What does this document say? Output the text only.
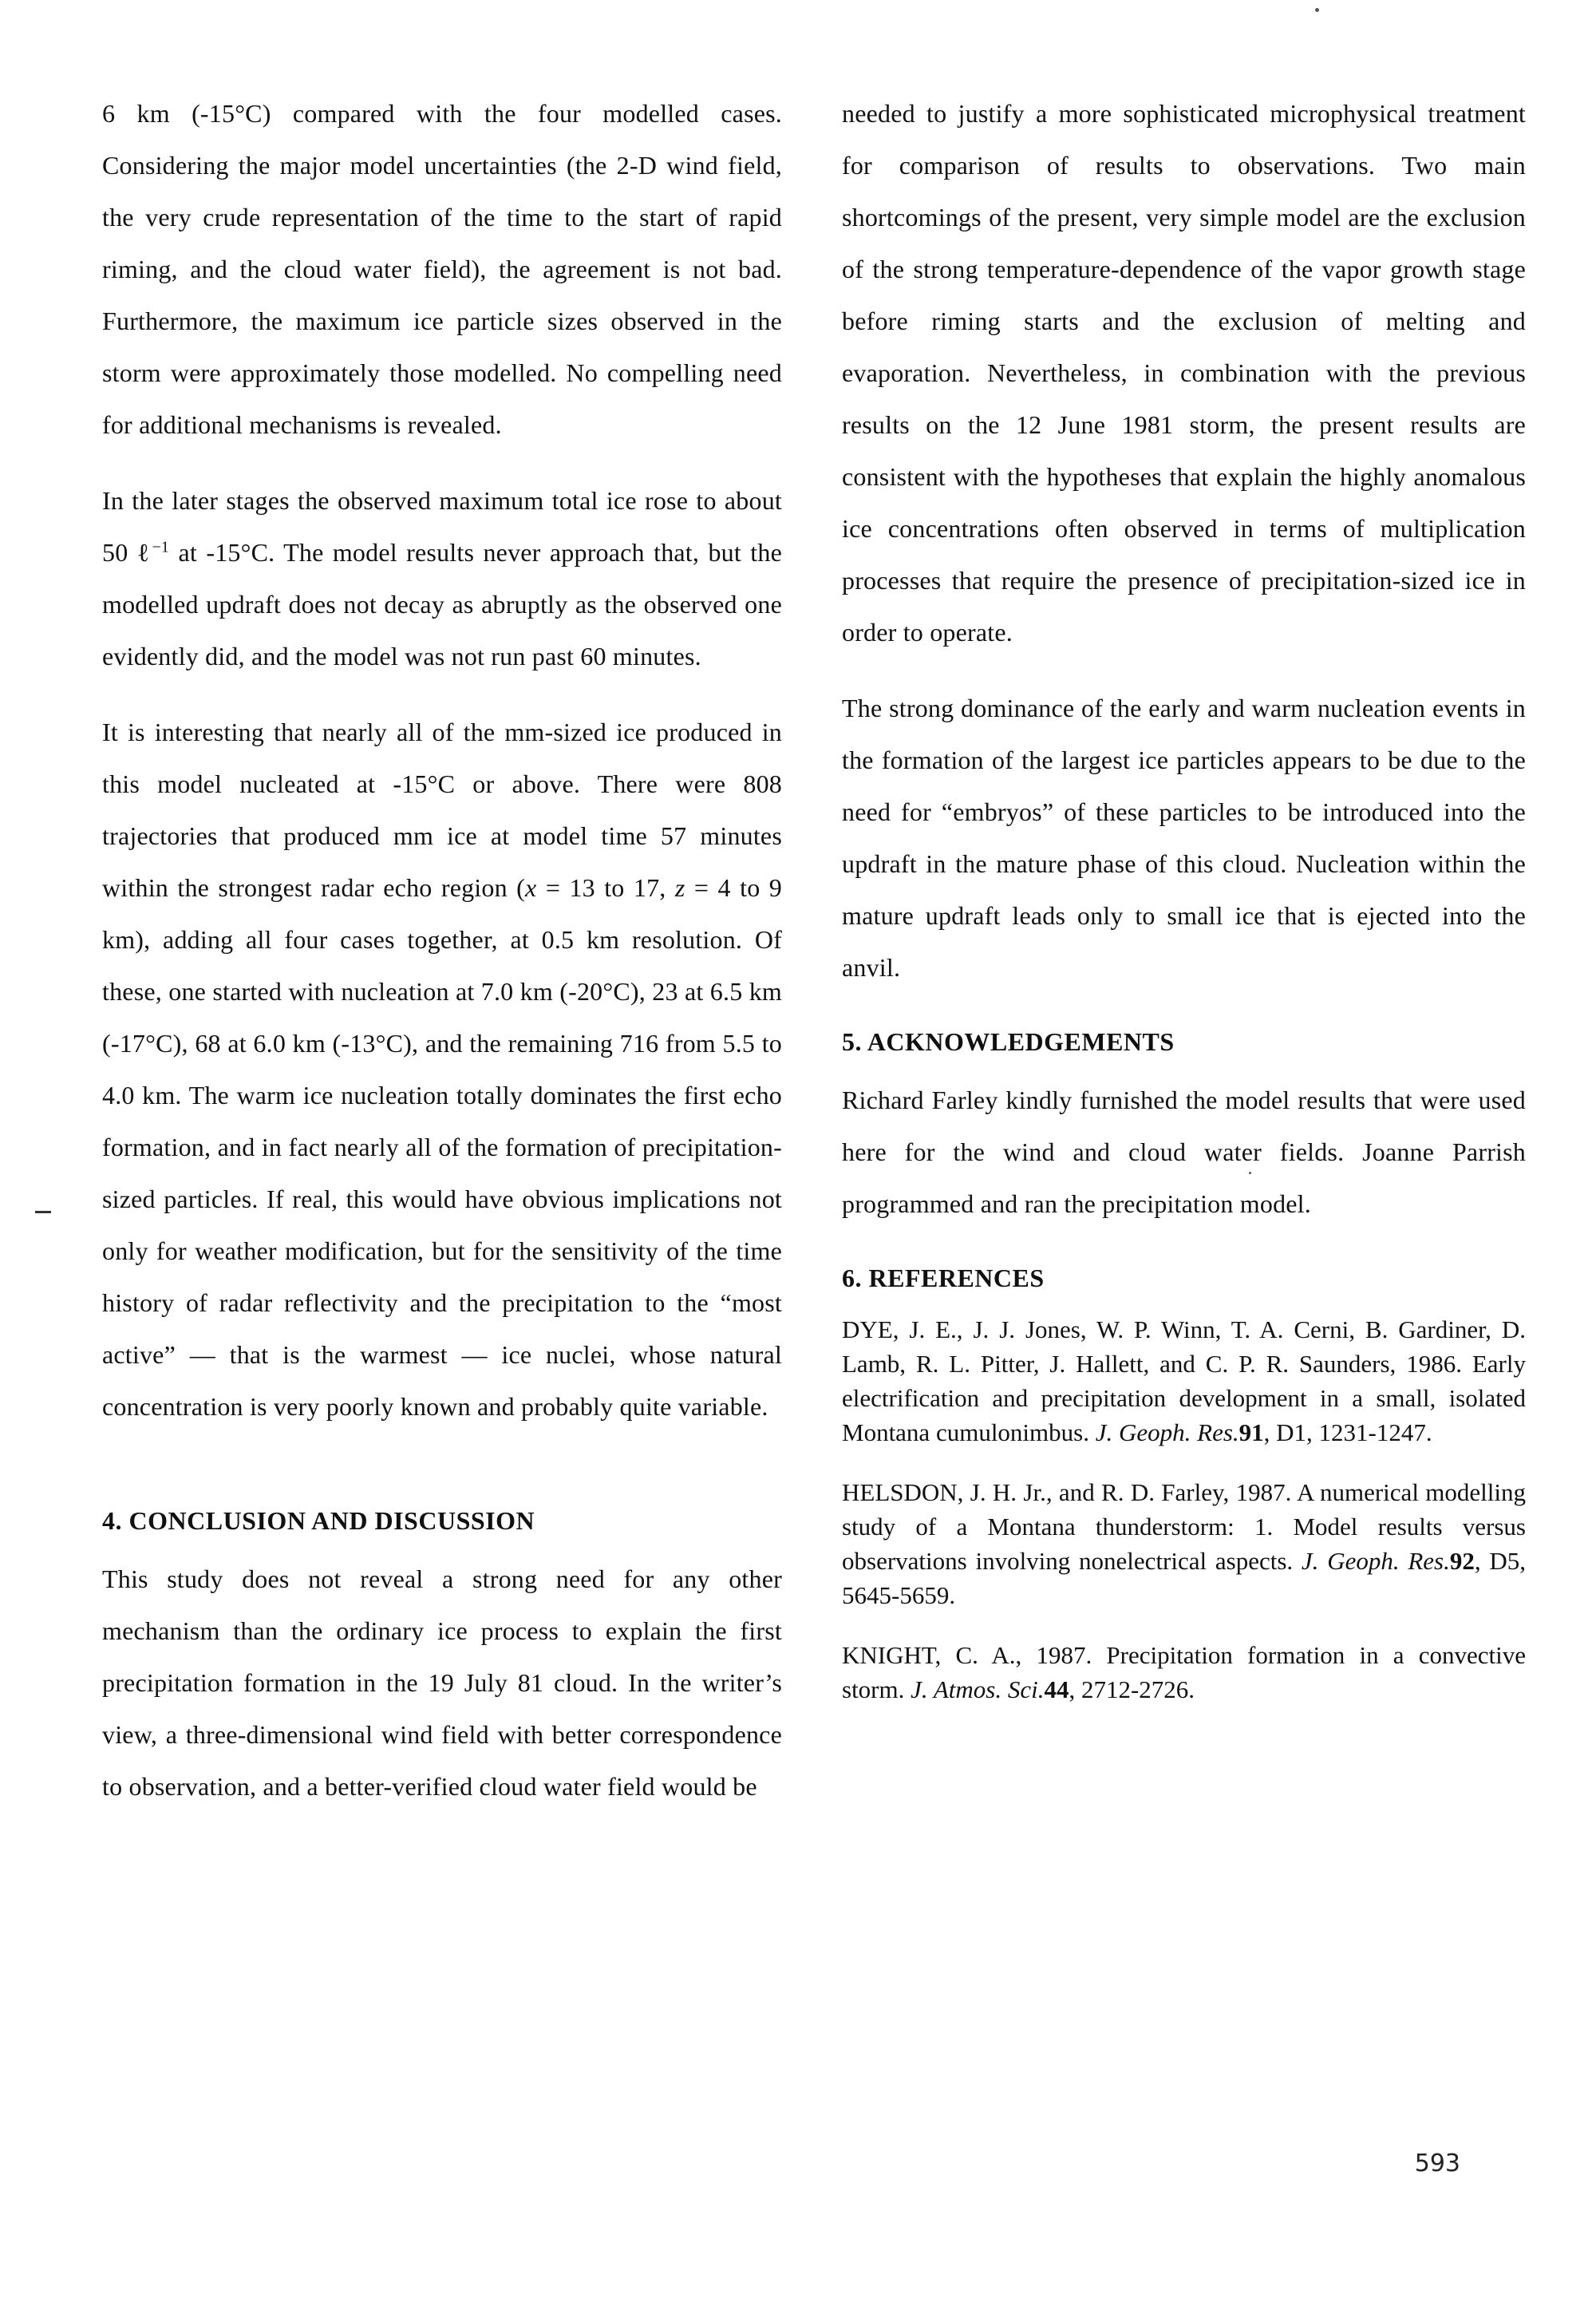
6 km (-15°C) compared with the four modelled cases. Considering the major model uncertainties (the 2-D wind field, the very crude representation of the time to the start of rapid riming, and the cloud water field), the agreement is not bad. Furthermore, the maximum ice particle sizes observed in the storm were approximately those modelled. No compelling need for additional mechanisms is revealed.

In the later stages the observed maximum total ice rose to about 50 ℓ$^{-1}$ at -15°C. The model results never approach that, but the modelled updraft does not decay as abruptly as the observed one evidently did, and the model was not run past 60 minutes.

It is interesting that nearly all of the mm-sized ice produced in this model nucleated at -15°C or above. There were 808 trajectories that produced mm ice at model time 57 minutes within the strongest radar echo region (x = 13 to 17, z = 4 to 9 km), adding all four cases together, at 0.5 km resolution. Of these, one started with nucleation at 7.0 km (-20°C), 23 at 6.5 km (-17°C), 68 at 6.0 km (-13°C), and the remaining 716 from 5.5 to 4.0 km. The warm ice nucleation totally dominates the first echo formation, and in fact nearly all of the formation of precipitation-sized particles. If real, this would have obvious implications not only for weather modification, but for the sensitivity of the time history of radar reflectivity and the precipitation to the “most active” — that is the warmest — ice nuclei, whose natural concentration is very poorly known and probably quite variable.

4. CONCLUSION AND DISCUSSION

This study does not reveal a strong need for any other mechanism than the ordinary ice process to explain the first precipitation formation in the 19 July 81 cloud. In the writer’s view, a three-dimensional wind field with better correspondence to observation, and a better-verified cloud water field would be

needed to justify a more sophisticated microphysical treatment for comparison of results to observations. Two main shortcomings of the present, very simple model are the exclusion of the strong temperature-dependence of the vapor growth stage before riming starts and the exclusion of melting and evaporation. Nevertheless, in combination with the previous results on the 12 June 1981 storm, the present results are consistent with the hypotheses that explain the highly anomalous ice concentrations often observed in terms of multiplication processes that require the presence of precipitation-sized ice in order to operate.

The strong dominance of the early and warm nucleation events in the formation of the largest ice particles appears to be due to the need for “embryos” of these particles to be introduced into the updraft in the mature phase of this cloud. Nucleation within the mature updraft leads only to small ice that is ejected into the anvil.

5. ACKNOWLEDGEMENTS

Richard Farley kindly furnished the model results that were used here for the wind and cloud water fields. Joanne Parrish programmed and ran the precipitation model.

6. REFERENCES

DYE, J. E., J. J. Jones, W. P. Winn, T. A. Cerni, B. Gardiner, D. Lamb, R. L. Pitter, J. Hallett, and C. P. R. Saunders, 1986. Early electrification and precipitation development in a small, isolated Montana cumulonimbus. J. Geoph. Res.91, D1, 1231-1247.

HELSDON, J. H. Jr., and R. D. Farley, 1987. A numerical modelling study of a Montana thunderstorm: 1. Model results versus observations involving nonelectrical aspects. J. Geoph. Res.92, D5, 5645-5659.

KNIGHT, C. A., 1987. Precipitation formation in a convective storm. J. Atmos. Sci.44, 2712-2726.

593
